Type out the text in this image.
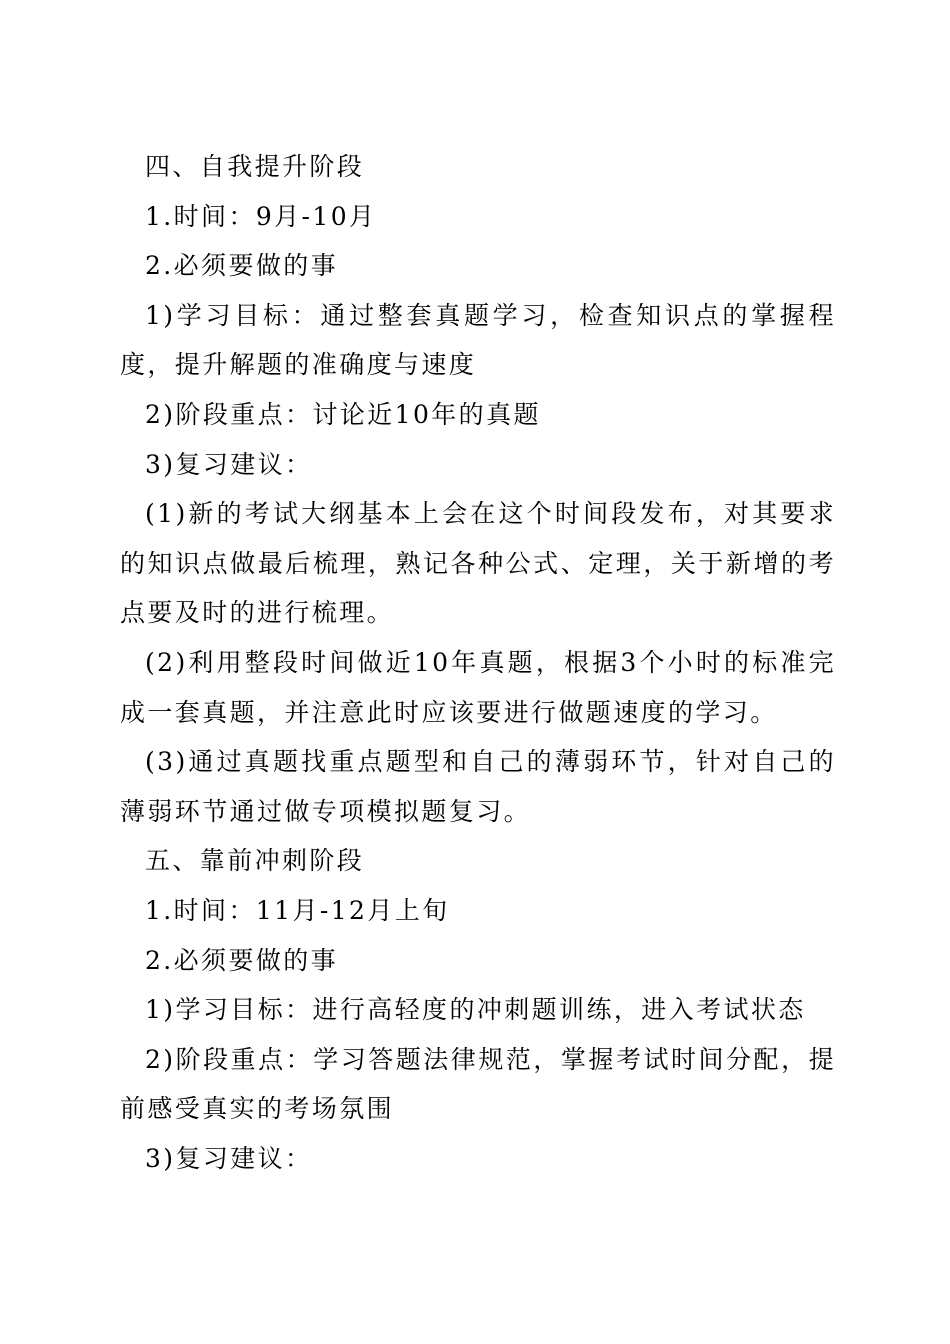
四、自我提升阶段

1.时间：9月-10月

2.必须要做的事

1)学习目标：通过整套真题学习，检查知识点的掌握程度，提升解题的准确度与速度

2)阶段重点：讨论近10年的真题

3)复习建议：

(1)新的考试大纲基本上会在这个时间段发布，对其要求的知识点做最后梳理，熟记各种公式、定理，关于新增的考点要及时的进行梳理。

(2)利用整段时间做近10年真题，根据3个小时的标准完成一套真题，并注意此时应该要进行做题速度的学习。

(3)通过真题找重点题型和自己的薄弱环节，针对自己的薄弱环节通过做专项模拟题复习。

五、靠前冲刺阶段

1.时间：11月-12月上旬

2.必须要做的事

1)学习目标：进行高轻度的冲刺题训练，进入考试状态

2)阶段重点：学习答题法律规范，掌握考试时间分配，提前感受真实的考场氛围

3)复习建议：
